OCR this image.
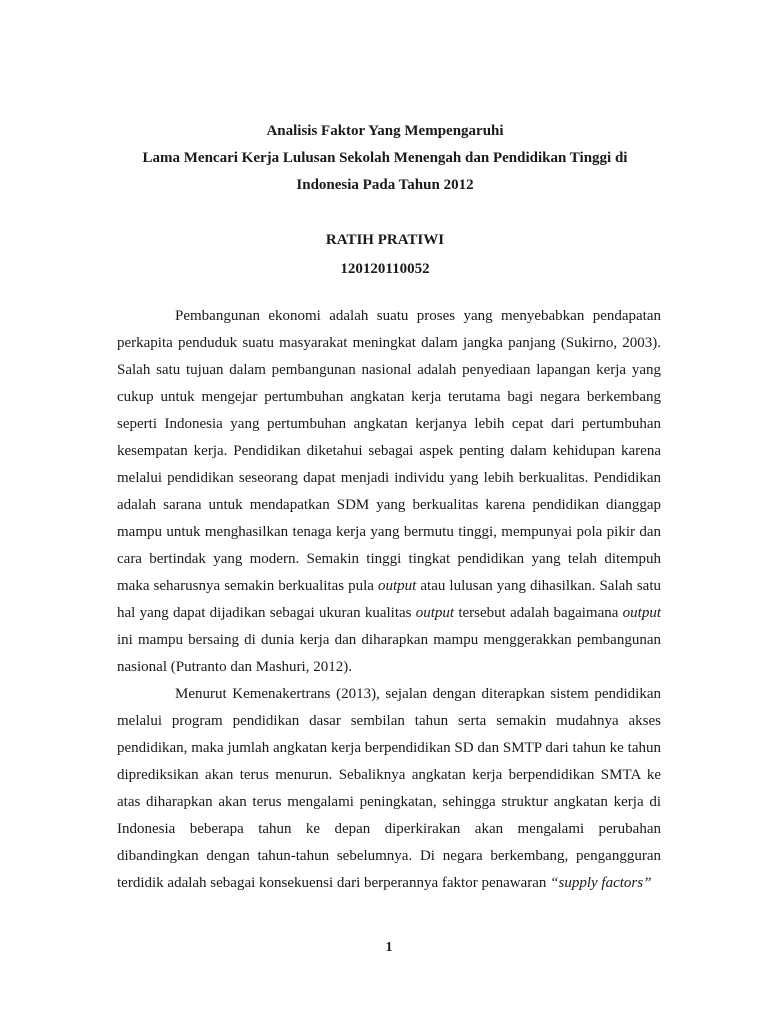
Analisis Faktor Yang Mempengaruhi
Lama Mencari Kerja Lulusan Sekolah Menengah dan Pendidikan Tinggi di
Indonesia Pada Tahun 2012
RATIH PRATIWI
120120110052

Pembangunan ekonomi adalah suatu proses yang menyebabkan pendapatan perkapita penduduk suatu masyarakat meningkat dalam jangka panjang (Sukirno, 2003). Salah satu tujuan dalam pembangunan nasional adalah penyediaan lapangan kerja yang cukup untuk mengejar pertumbuhan angkatan kerja terutama bagi negara berkembang seperti Indonesia yang pertumbuhan angkatan kerjanya lebih cepat dari pertumbuhan kesempatan kerja. Pendidikan diketahui sebagai aspek penting dalam kehidupan karena melalui pendidikan seseorang dapat menjadi individu yang lebih berkualitas. Pendidikan adalah sarana untuk mendapatkan SDM yang berkualitas karena pendidikan dianggap mampu untuk menghasilkan tenaga kerja yang bermutu tinggi, mempunyai pola pikir dan cara bertindak yang modern. Semakin tinggi tingkat pendidikan yang telah ditempuh maka seharusnya semakin berkualitas pula output atau lulusan yang dihasilkan. Salah satu hal yang dapat dijadikan sebagai ukuran kualitas output tersebut adalah bagaimana output ini mampu bersaing di dunia kerja dan diharapkan mampu menggerakkan pembangunan nasional (Putranto dan Mashuri, 2012).

Menurut Kemenakertrans (2013), sejalan dengan diterapkan sistem pendidikan melalui program pendidikan dasar sembilan tahun serta semakin mudahnya akses pendidikan, maka jumlah angkatan kerja berpendidikan SD dan SMTP dari tahun ke tahun diprediksikan akan terus menurun. Sebaliknya angkatan kerja berpendidikan SMTA ke atas diharapkan akan terus mengalami peningkatan, sehingga struktur angkatan kerja di Indonesia beberapa tahun ke depan diperkirakan akan mengalami perubahan dibandingkan dengan tahun-tahun sebelumnya. Di negara berkembang, pengangguran terdidik adalah sebagai konsekuensi dari berperannya faktor penawaran “supply factors”

1
